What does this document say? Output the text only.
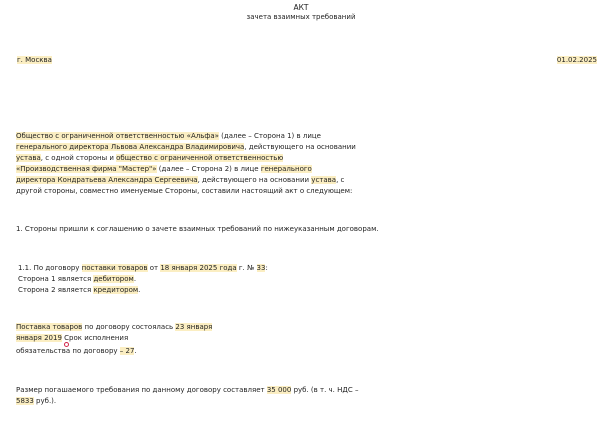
АКТ
зачета взаимных требований
г. Москва	01.02.2025
Общество с ограниченной ответственностью «Альфа» (далее – Сторона 1) в лице
генерального директора Львова Александра Владимировича, действующего на основании
устава, с одной стороны и общество с ограниченной ответственностью
«Производственная фирма "Мастер"» (далее – Сторона 2) в лице генерального
директора Кондратьева Александра Сергеевича, действующего на основании устава, с
другой стороны, совместно именуемые Стороны, составили настоящий акт о следующем:
1. Стороны пришли к соглашению о зачете взаимных требований по нижеуказанным договорам.
1.1. По договору поставки товаров от 18 января 2025 года г. № 33:
Сторона 1 является дебитором.
Сторона 2 является кредитором.
Поставка товаров по договору состоялась 23 января
января 2019 Срок исполнения
обязательства по договору – 27.
Размер погашаемого требования по данному договору составляет 35 000 руб. (в т. ч. НДС –
5833 руб.).
